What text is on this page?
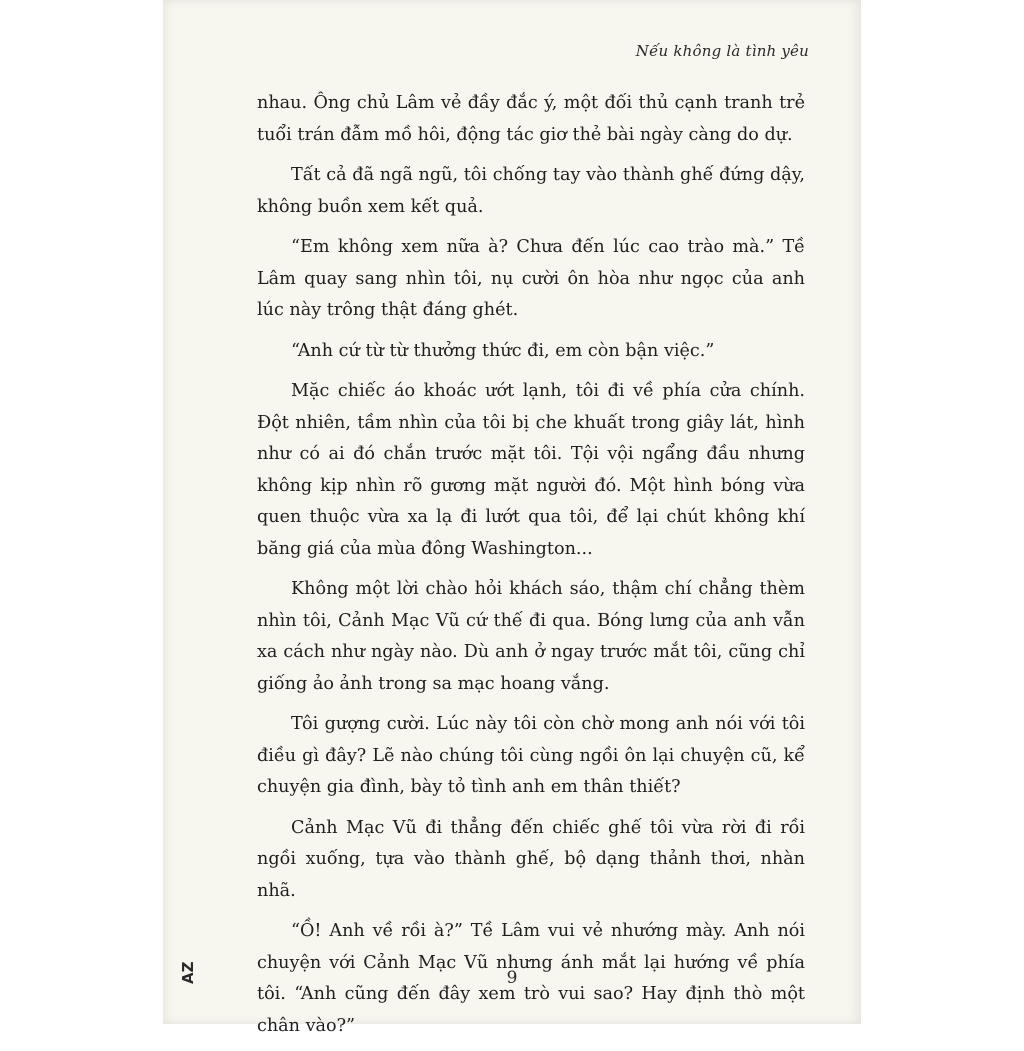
Nếu không là tình yêu

nhau. Ông chủ Lâm vẻ đầy đắc ý, một đối thủ cạnh tranh trẻ tuổi trán đẫm mồ hôi, động tác giơ thẻ bài ngày càng do dự.

Tất cả đã ngã ngũ, tôi chống tay vào thành ghế đứng dậy, không buồn xem kết quả.

“Em không xem nữa à? Chưa đến lúc cao trào mà.” Tề Lâm quay sang nhìn tôi, nụ cười ôn hòa như ngọc của anh lúc này trông thật đáng ghét.

“Anh cứ từ từ thưởng thức đi, em còn bận việc.”

Mặc chiếc áo khoác ướt lạnh, tôi đi về phía cửa chính. Đột nhiên, tầm nhìn của tôi bị che khuất trong giây lát, hình như có ai đó chắn trước mặt tôi. Tội vội ngẩng đầu nhưng không kịp nhìn rõ gương mặt người đó. Một hình bóng vừa quen thuộc vừa xa lạ đi lướt qua tôi, để lại chút không khí băng giá của mùa đông Washington...

Không một lời chào hỏi khách sáo, thậm chí chẳng thèm nhìn tôi, Cảnh Mạc Vũ cứ thế đi qua. Bóng lưng của anh vẫn xa cách như ngày nào. Dù anh ở ngay trước mắt tôi, cũng chỉ giống ảo ảnh trong sa mạc hoang vắng.

Tôi gượng cười. Lúc này tôi còn chờ mong anh nói với tôi điều gì đây? Lẽ nào chúng tôi cùng ngồi ôn lại chuyện cũ, kể chuyện gia đình, bày tỏ tình anh em thân thiết?

Cảnh Mạc Vũ đi thẳng đến chiếc ghế tôi vừa rời đi rồi ngồi xuống, tựa vào thành ghế, bộ dạng thảnh thơi, nhàn nhã.

“Ồ! Anh về rồi à?” Tề Lâm vui vẻ nhướng mày. Anh nói chuyện với Cảnh Mạc Vũ nhưng ánh mắt lại hướng về phía tôi. “Anh cũng đến đây xem trò vui sao? Hay định thò một chân vào?”

AZ	9
